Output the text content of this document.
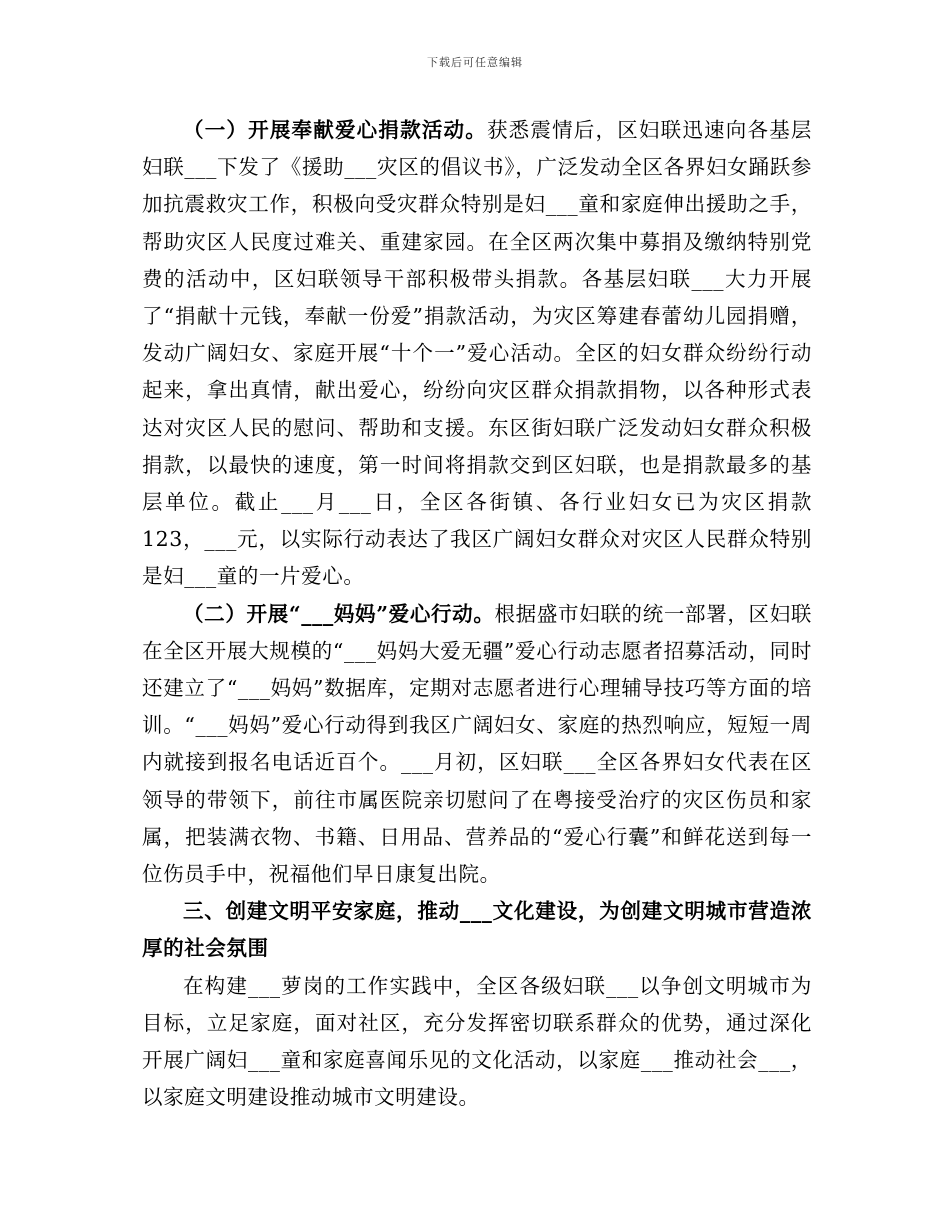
下载后可任意编辑

（一）开展奉献爱心捐款活动。获悉震情后，区妇联迅速向各基层妇联___下发了《援助___灾区的倡议书》，广泛发动全区各界妇女踊跃参加抗震救灾工作，积极向受灾群众特别是妇___童和家庭伸出援助之手，帮助灾区人民度过难关、重建家园。在全区两次集中募捐及缴纳特别党费的活动中，区妇联领导干部积极带头捐款。各基层妇联___大力开展了“捐献十元钱，奉献一份爱”捐款活动，为灾区筹建春蕾幼儿园捐赠，发动广阔妇女、家庭开展“十个一”爱心活动。全区的妇女群众纷纷行动起来，拿出真情，献出爱心，纷纷向灾区群众捐款捐物，以各种形式表达对灾区人民的慰问、帮助和支援。东区街妇联广泛发动妇女群众积极捐款，以最快的速度，第一时间将捐款交到区妇联，也是捐款最多的基层单位。截止___月___日，全区各街镇、各行业妇女已为灾区捐款123，___元，以实际行动表达了我区广阔妇女群众对灾区人民群众特别是妇___童的一片爱心。

（二）开展“___妈妈”爱心行动。根据盛市妇联的统一部署，区妇联在全区开展大规模的“___妈妈大爱无疆”爱心行动志愿者招募活动，同时还建立了“___妈妈”数据库，定期对志愿者进行心理辅导技巧等方面的培训。“___妈妈”爱心行动得到我区广阔妇女、家庭的热烈响应，短短一周内就接到报名电话近百个。___月初，区妇联___全区各界妇女代表在区领导的带领下，前往市属医院亲切慰问了在粤接受治疗的灾区伤员和家属，把装满衣物、书籍、日用品、营养品的“爱心行囊”和鲜花送到每一位伤员手中，祝福他们早日康复出院。

三、创建文明平安家庭，推动___文化建设，为创建文明城市营造浓厚的社会氛围

在构建___萝岗的工作实践中，全区各级妇联___以争创文明城市为目标，立足家庭，面对社区，充分发挥密切联系群众的优势，通过深化开展广阔妇___童和家庭喜闻乐见的文化活动，以家庭___推动社会___，以家庭文明建设推动城市文明建设。
